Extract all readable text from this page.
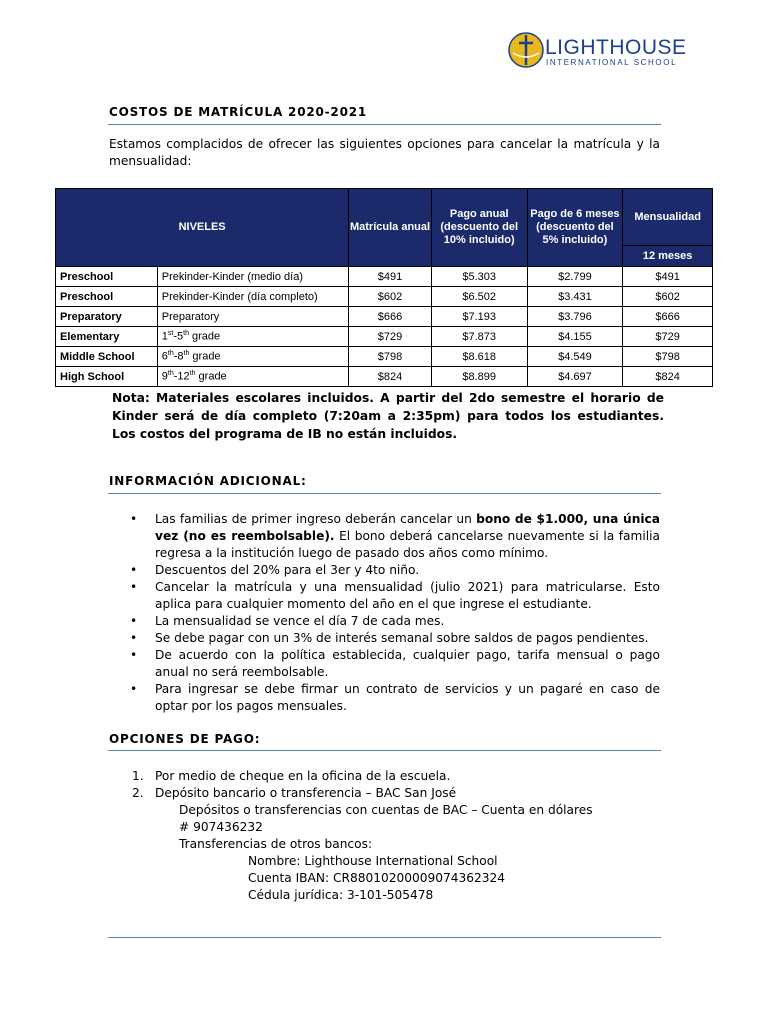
LIGHTHOUSE
INTERNATIONAL SCHOOL
COSTOS DE MATRÍCULA 2020-2021
Estamos complacidos de ofrecer las siguientes opciones para cancelar la matrícula y la mensualidad:
NIVELES		Matrícula anual	Pago anual (descuento del 10% incluido)	Pago de 6 meses (descuento del 5% incluido)	Mensualidad
					12 meses
Preschool	Prekinder-Kinder (medio día)	$491	$5.303	$2.799	$491
Preschool	Prekinder-Kinder (día completo)	$602	$6.502	$3.431	$602
Preparatory	Preparatory	$666	$7.193	$3.796	$666
Elementary	1st-5th grade	$729	$7.873	$4.155	$729
Middle School	6th-8th grade	$798	$8.618	$4.549	$798
High School	9th-12th grade	$824	$8.899	$4.697	$824
Nota: Materiales escolares incluidos. A partir del 2do semestre el horario de Kinder será de día completo (7:20am a 2:35pm) para todos los estudiantes. Los costos del programa de IB no están incluidos.
INFORMACIÓN ADICIONAL:
• Las familias de primer ingreso deberán cancelar un bono de $1.000, una única vez (no es reembolsable). El bono deberá cancelarse nuevamente si la familia regresa a la institución luego de pasado dos años como mínimo.
• Descuentos del 20% para el 3er y 4to niño.
• Cancelar la matrícula y una mensualidad (julio 2021) para matricularse. Esto aplica para cualquier momento del año en el que ingrese el estudiante.
• La mensualidad se vence el día 7 de cada mes.
• Se debe pagar con un 3% de interés semanal sobre saldos de pagos pendientes.
• De acuerdo con la política establecida, cualquier pago, tarifa mensual o pago anual no será reembolsable.
• Para ingresar se debe firmar un contrato de servicios y un pagaré en caso de optar por los pagos mensuales.
OPCIONES DE PAGO:
1. Por medio de cheque en la oficina de la escuela.
2. Depósito bancario o transferencia – BAC San José
Depósitos o transferencias con cuentas de BAC – Cuenta en dólares
# 907436232
Transferencias de otros bancos:
Nombre: Lighthouse International School
Cuenta IBAN: CR88010200009074362324
Cédula jurídica: 3-101-505478
